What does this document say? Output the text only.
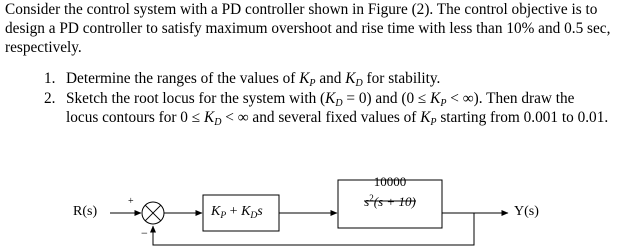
Consider the control system with a PD controller shown in Figure (2). The control objective is to
design a PD controller to satisfy maximum overshoot and rise time with less than 10% and 0.5 sec,
respectively.
1. Determine the ranges of the values of $K_P$ and $K_D$ for stability.
2. Sketch the root locus for the system with $(K_D = 0)$ and ($0 \le K_P$ < ∞). Then draw the
locus contours for $0 \le K_D$ < ∞ and several fixed values of $K_P$ starting from 0.001 to 0.01.
R(s)
+
−
$K_P + K_Ds$
10000
$s^2(s + 10)$
Y(s)
